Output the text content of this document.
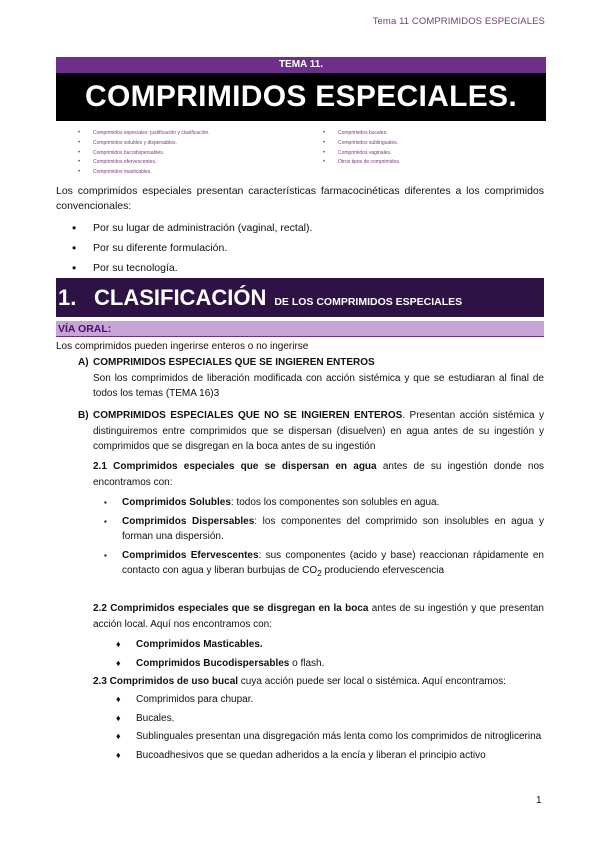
Tema 11 COMPRIMIDOS ESPECIALES
TEMA 11.
COMPRIMIDOS ESPECIALES.
• Comprimidos especiales: justificación y clasificación.
• Comprimidos solubles y dispersables.
• Comprimidos bucodispersables.
• Comprimidos efervescentes.
• Comprimidos masticables.
• Comprimidos bucales.
• Comprimidos sublinguales.
• Comprimidos vaginales.
• Otros tipos de comprimidos.

Los comprimidos especiales presentan características farmacocinéticas diferentes a los comprimidos convencionales:

• Por su lugar de administración (vaginal, rectal).
• Por su diferente formulación.
• Por su tecnología.
1. CLASIFICACIÓN DE LOS COMPRIMIDOS ESPECIALES
VÍA ORAL:

Los comprimidos pueden ingerirse enteros o no ingerirse

A) COMPRIMIDOS ESPECIALES QUE SE INGIEREN ENTEROS
Son los comprimidos de liberación modificada con acción sistémica y que se estudiaran al final de todos los temas (TEMA 16)3
B) COMPRIMIDOS ESPECIALES QUE NO SE INGIEREN ENTEROS. Presentan acción sistémica y distinguiremos entre comprimidos que se dispersan (disuelven) en agua antes de su ingestión y comprimidos que se disgregan en la boca antes de su ingestión

2.1 Comprimidos especiales que se dispersan en agua antes de su ingestión donde nos encontramos con:

▪ Comprimidos Solubles: todos los componentes son solubles en agua.
▪ Comprimidos Dispersables: los componentes del comprimido son insolubles en agua y forman una dispersión.
▪ Comprimidos Efervescentes: sus componentes (acido y base) reaccionan rápidamente en contacto con agua y liberan burbujas de $CO_2$ produciendo efervescencia

2.2 Comprimidos especiales que se disgregan en la boca antes de su ingestión y que presentan acción local. Aquí nos encontramos con:

♦ Comprimidos Masticables.
♦ Comprimidos Bucodispersables o flash.

2.3 Comprimidos de uso bucal cuya acción puede ser local o sistémica. Aquí encontramos:

♦ Comprimidos para chupar.
♦ Bucales.
♦ Sublinguales presentan una disgregación más lenta como los comprimidos de nitroglicerina
♦ Bucoadhesivos que se quedan adheridos a la encía y liberan el principio activo
1
